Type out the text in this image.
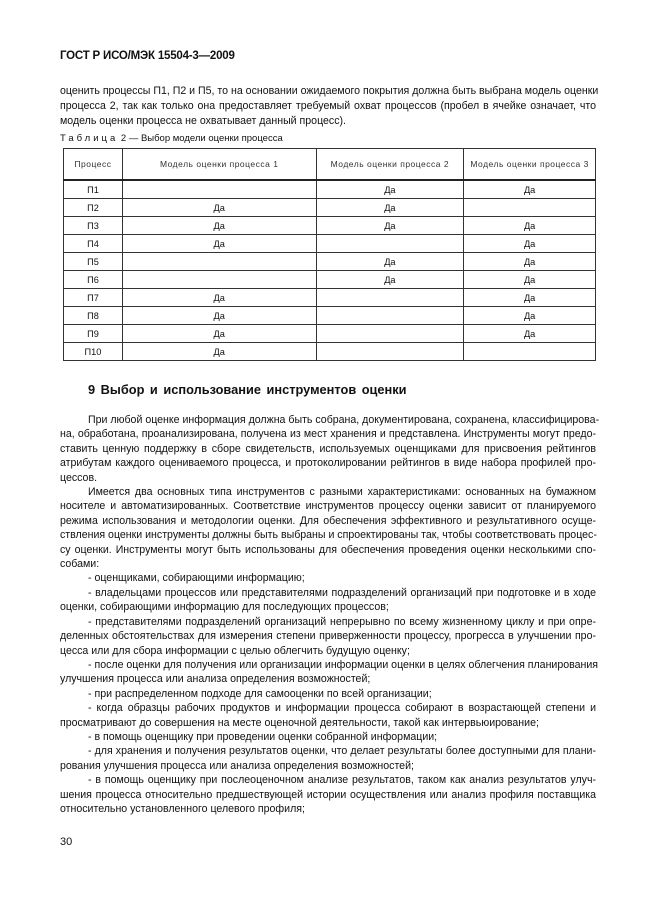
ГОСТ Р ИСО/МЭК 15504-3—2009
оценить процессы П1, П2 и П5, то на основании ожидаемого покрытия должна быть выбрана модель оценки
процесса 2, так как только она предоставляет требуемый охват процессов (пробел в ячейке означает, что
модель оценки процесса не охватывает данный процесс).
Таблица 2 — Выбор модели оценки процесса
Процесс	Модель оценки процесса 1	Модель оценки процесса 2	Модель оценки процесса 3
П1		Да	Да
П2	Да	Да	
П3	Да	Да	Да
П4	Да		Да
П5		Да	Да
П6		Да	Да
П7	Да		Да
П8	Да		Да
П9	Да		Да
П10	Да		
9 Выбор и использование инструментов оценки
При любой оценке информация должна быть собрана, документирована, сохранена, классифицирова-
на, обработана, проанализирована, получена из мест хранения и представлена. Инструменты могут предо-
ставить ценную поддержку в сборе свидетельств, используемых оценщиками для присвоения рейтингов
атрибутам каждого оцениваемого процесса, и протоколировании рейтингов в виде набора профилей про-
цессов.
Имеется два основных типа инструментов с разными характеристиками: основанных на бумажном
носителе и автоматизированных. Соответствие инструментов процессу оценки зависит от планируемого
режима использования и методологии оценки. Для обеспечения эффективного и результативного осуще-
ствления оценки инструменты должны быть выбраны и спроектированы так, чтобы соответствовать процес-
су оценки. Инструменты могут быть использованы для обеспечения проведения оценки несколькими спо-
собами:
- оценщиками, собирающими информацию;
- владельцами процессов или представителями подразделений организаций при подготовке и в ходе
оценки, собирающими информацию для последующих процессов;
- представителями подразделений организаций непрерывно по всему жизненному циклу и при опре-
деленных обстоятельствах для измерения степени приверженности процессу, прогресса в улучшении про-
цесса или для сбора информации с целью облегчить будущую оценку;
- после оценки для получения или организации информации оценки в целях облегчения планирования
улучшения процесса или анализа определения возможностей;
- при распределенном подходе для самооценки по всей организации;
- когда образцы рабочих продуктов и информации процесса собирают в возрастающей степени и
просматривают до совершения на месте оценочной деятельности, такой как интервьюирование;
- в помощь оценщику при проведении оценки собранной информации;
- для хранения и получения результатов оценки, что делает результаты более доступными для плани-
рования улучшения процесса или анализа определения возможностей;
- в помощь оценщику при послеоценочном анализе результатов, таком как анализ результатов улуч-
шения процесса относительно предшествующей истории осуществления или анализ профиля поставщика
относительно установленного целевого профиля;
30
